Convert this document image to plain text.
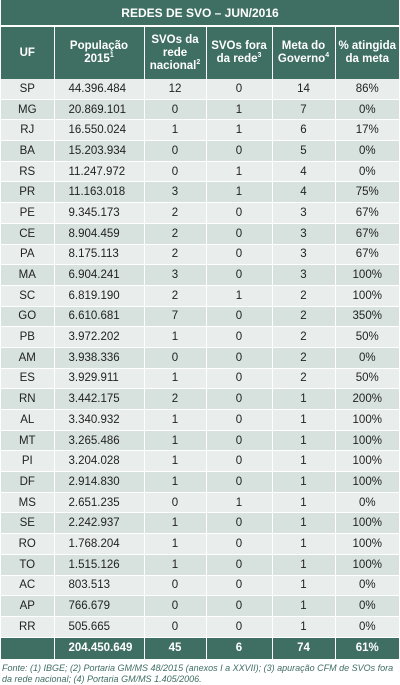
REDES DE SVO – JUN/2016					
UF	População 2015$^1$	SVOs da rede nacional$^2$	SVOs fora da rede$^3$	Meta do Governo$^4$	% atingida da meta
SP	44.396.484	12	0	14	86%
MG	20.869.101	0	1	7	0%
RJ	16.550.024	1	1	6	17%
BA	15.203.934	0	0	5	0%
RS	11.247.972	0	1	4	0%
PR	11.163.018	3	1	4	75%
PE	9.345.173	2	0	3	67%
CE	8.904.459	2	0	3	67%
PA	8.175.113	2	0	3	67%
MA	6.904.241	3	0	3	100%
SC	6.819.190	2	1	2	100%
GO	6.610.681	7	0	2	350%
PB	3.972.202	1	0	2	50%
AM	3.938.336	0	0	2	0%
ES	3.929.911	1	0	2	50%
RN	3.442.175	2	0	1	200%
AL	3.340.932	1	0	1	100%
MT	3.265.486	1	0	1	100%
PI	3.204.028	1	0	1	100%
DF	2.914.830	1	0	1	100%
MS	2.651.235	0	1	1	0%
SE	2.242.937	1	0	1	100%
RO	1.768.204	1	0	1	100%
TO	1.515.126	1	0	1	100%
AC	803.513	0	0	1	0%
AP	766.679	0	0	1	0%
RR	505.665	0	0	1	0%
	204.450.649	45	6	74	61%

Fonte: (1) IBGE; (2) Portaria GM/MS 48/2015 (anexos I a XXVII); (3) apuração CFM de SVOs fora da rede nacional; (4) Portaria GM/MS 1.405/2006.
